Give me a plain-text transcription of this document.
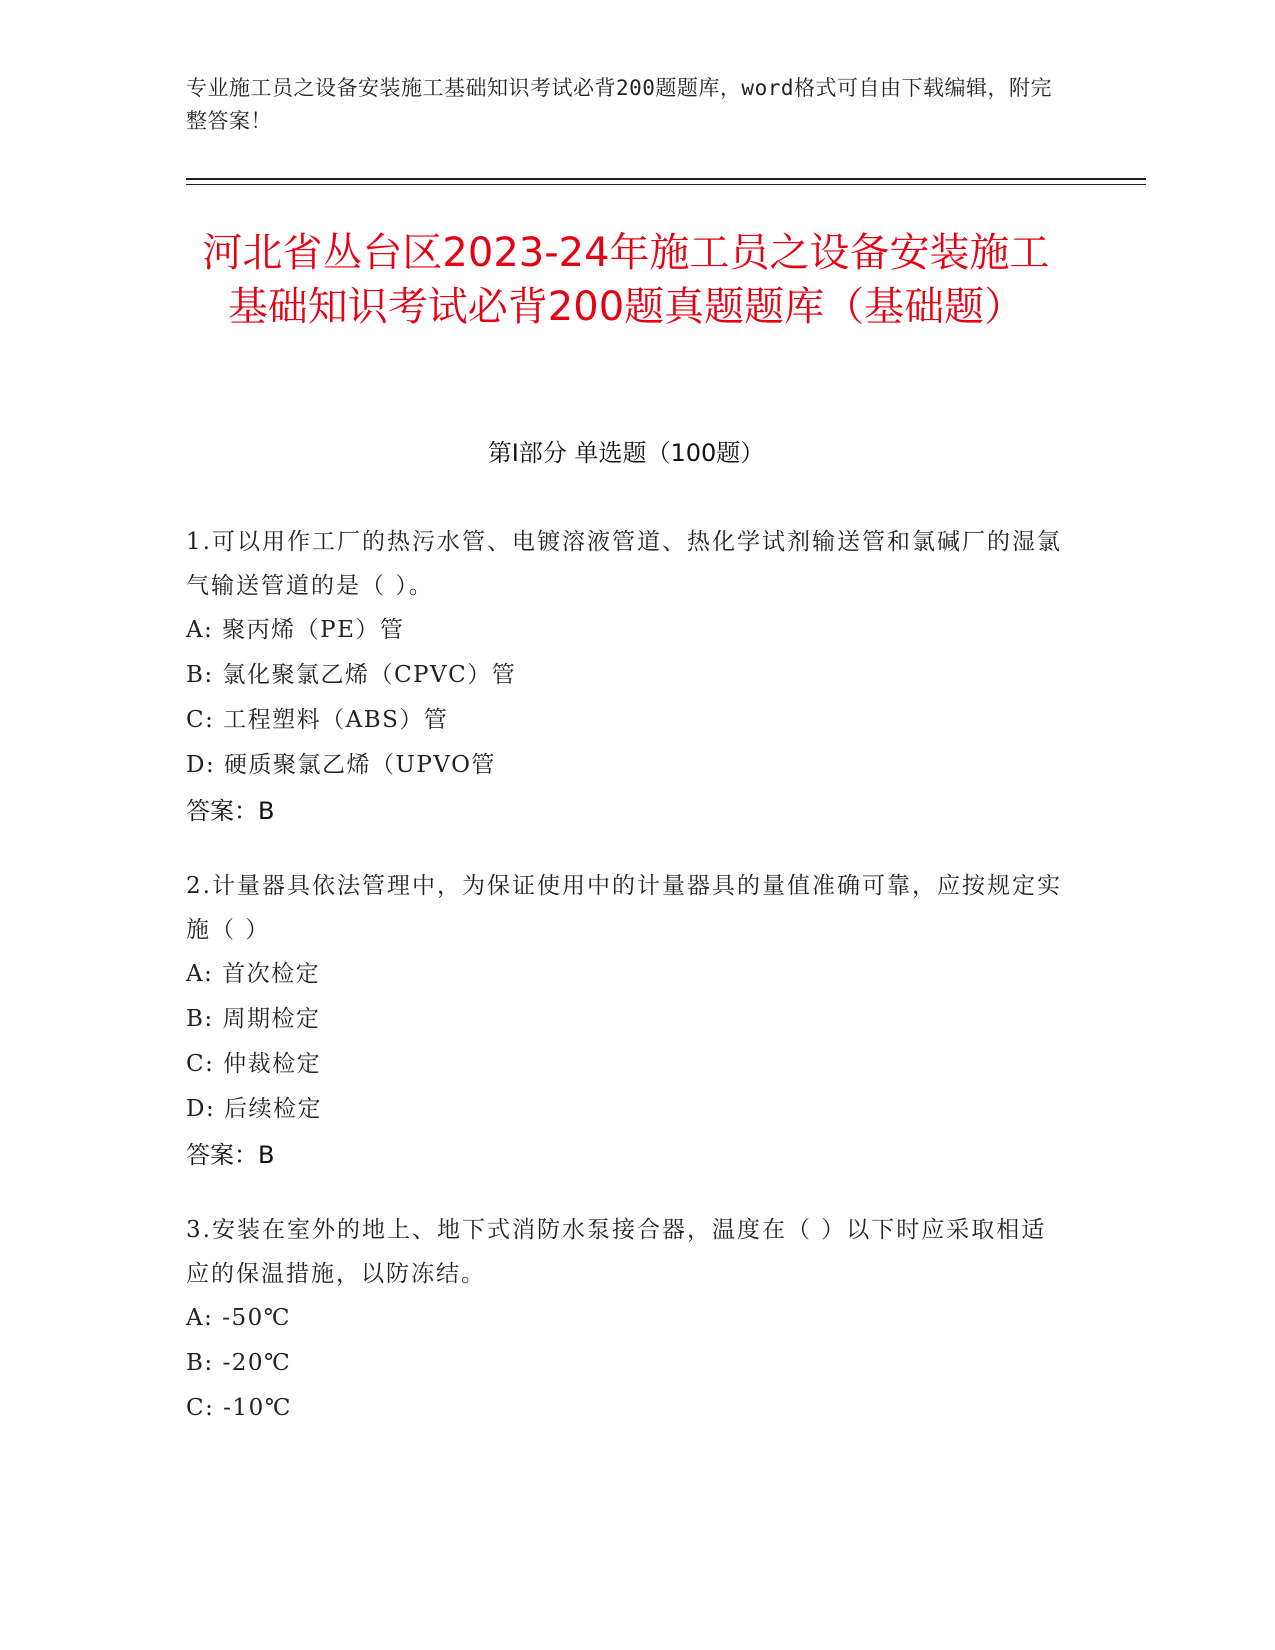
专业施工员之设备安装施工基础知识考试必背200题题库，word格式可自由下载编辑，附完整答案！
河北省丛台区2023-24年施工员之设备安装施工基础知识考试必背200题真题题库（基础题）
第I部分 单选题（100题）
1.可以用作工厂的热污水管、电镀溶液管道、热化学试剂输送管和氯碱厂的湿氯气输送管道的是（ ）。
A: 聚丙烯（PE）管
B: 氯化聚氯乙烯（CPVC）管
C: 工程塑料（ABS）管
D: 硬质聚氯乙烯（UPVO管
答案：B
2.计量器具依法管理中，为保证使用中的计量器具的量值准确可靠，应按规定实施（ ）
A: 首次检定
B: 周期检定
C: 仲裁检定
D: 后续检定
答案：B
3.安装在室外的地上、地下式消防水泵接合器，温度在（ ）以下时应采取相适应的保温措施，以防冻结。
A: -50℃
B: -20℃
C: -10℃
